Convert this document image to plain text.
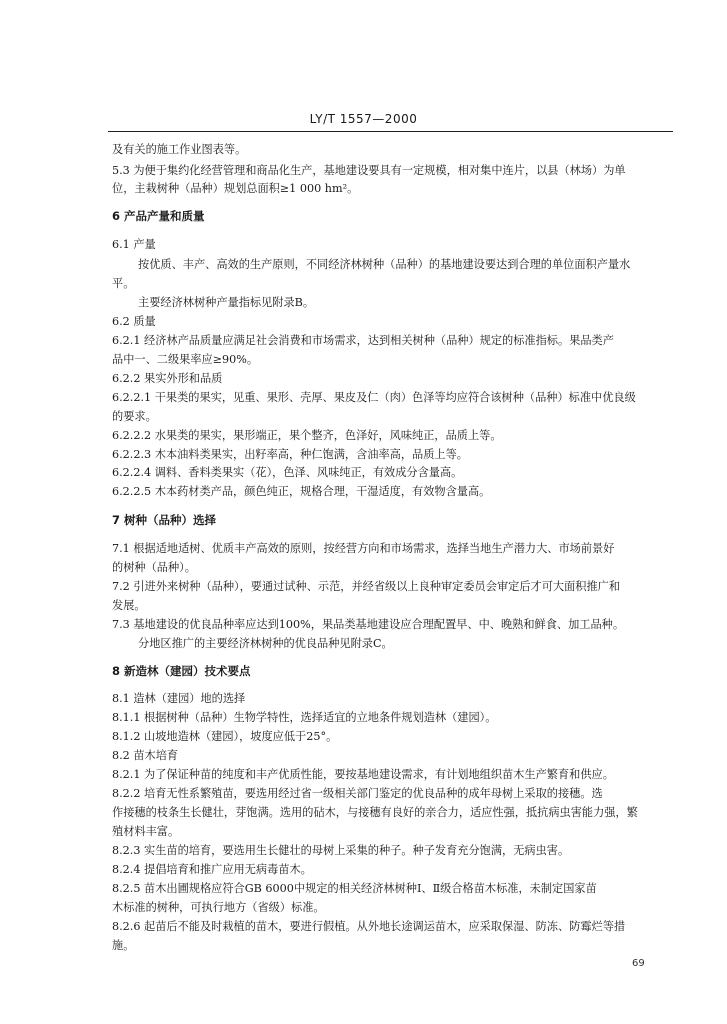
LY/T 1557—2000
及有关的施工作业图表等。
5.3 为便于集约化经营管理和商品化生产，基地建设要具有一定规模，相对集中连片，以县（林场）为单
位，主栽树种（品种）规划总面积≥1 000 hm²。
6 产品产量和质量
6.1 产量
按优质、丰产、高效的生产原则，不同经济林树种（品种）的基地建设要达到合理的单位面积产量水
平。
主要经济林树种产量指标见附录B。
6.2 质量
6.2.1 经济林产品质量应满足社会消费和市场需求，达到相关树种（品种）规定的标准指标。果品类产
品中一、二级果率应≥90%。
6.2.2 果实外形和品质
6.2.2.1 干果类的果实，见重、果形、壳厚、果皮及仁（肉）色泽等均应符合该树种（品种）标准中优良级
的要求。
6.2.2.2 水果类的果实，果形端正，果个整齐，色泽好，风味纯正，品质上等。
6.2.2.3 木本油料类果实，出籽率高，种仁饱满，含油率高，品质上等。
6.2.2.4 调料、香料类果实（花），色泽、风味纯正，有效成分含量高。
6.2.2.5 木本药材类产品，颜色纯正，规格合理，干湿适度，有效物含量高。
7 树种（品种）选择
7.1 根据适地适树、优质丰产高效的原则，按经营方向和市场需求，选择当地生产潜力大、市场前景好
的树种（品种）。
7.2 引进外来树种（品种），要通过试种、示范，并经省级以上良种审定委员会审定后才可大面积推广和
发展。
7.3 基地建设的优良品种率应达到100%，果品类基地建设应合理配置早、中、晚熟和鲜食、加工品种。
分地区推广的主要经济林树种的优良品种见附录C。
8 新造林（建园）技术要点
8.1 造林（建园）地的选择
8.1.1 根据树种（品种）生物学特性，选择适宜的立地条件规划造林（建园）。
8.1.2 山坡地造林（建园），坡度应低于25°。
8.2 苗木培育
8.2.1 为了保证种苗的纯度和丰产优质性能，要按基地建设需求，有计划地组织苗木生产繁育和供应。
8.2.2 培育无性系繁殖苗，要选用经过省一级相关部门鉴定的优良品种的成年母树上采取的接穗。选
作接穗的枝条生长健壮，芽饱满。选用的砧木，与接穗有良好的亲合力，适应性强，抵抗病虫害能力强，繁
殖材料丰富。
8.2.3 实生苗的培育，要选用生长健壮的母树上采集的种子。种子发育充分饱满，无病虫害。
8.2.4 提倡培育和推广应用无病毒苗木。
8.2.5 苗木出圃规格应符合GB 6000中规定的相关经济林树种Ⅰ、Ⅱ级合格苗木标准，未制定国家苗
木标准的树种，可执行地方（省级）标准。
8.2.6 起苗后不能及时栽植的苗木，要进行假植。从外地长途调运苗木，应采取保湿、防冻、防霉烂等措
施。
69
